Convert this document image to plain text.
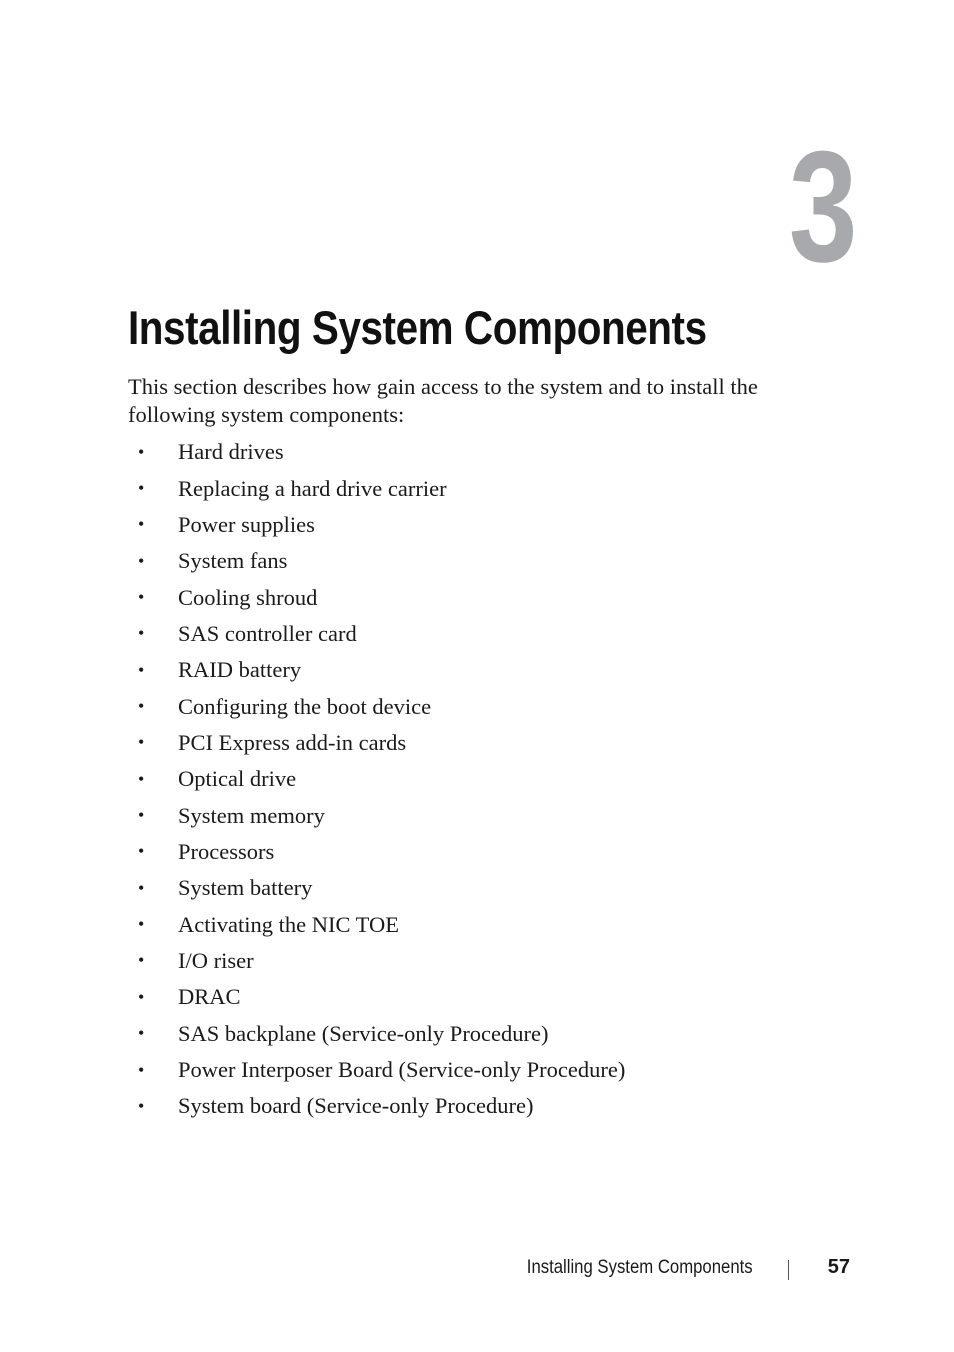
3
Installing System Components

This section describes how gain access to the system and to install the following system components:

•	Hard drives
•	Replacing a hard drive carrier
•	Power supplies
•	System fans
•	Cooling shroud
•	SAS controller card
•	RAID battery
•	Configuring the boot device
•	PCI Express add-in cards
•	Optical drive
•	System memory
•	Processors
•	System battery
•	Activating the NIC TOE
•	I/O riser
•	DRAC
•	SAS backplane (Service-only Procedure)
•	Power Interposer Board (Service-only Procedure)
•	System board (Service-only Procedure)
Installing System Components	57
